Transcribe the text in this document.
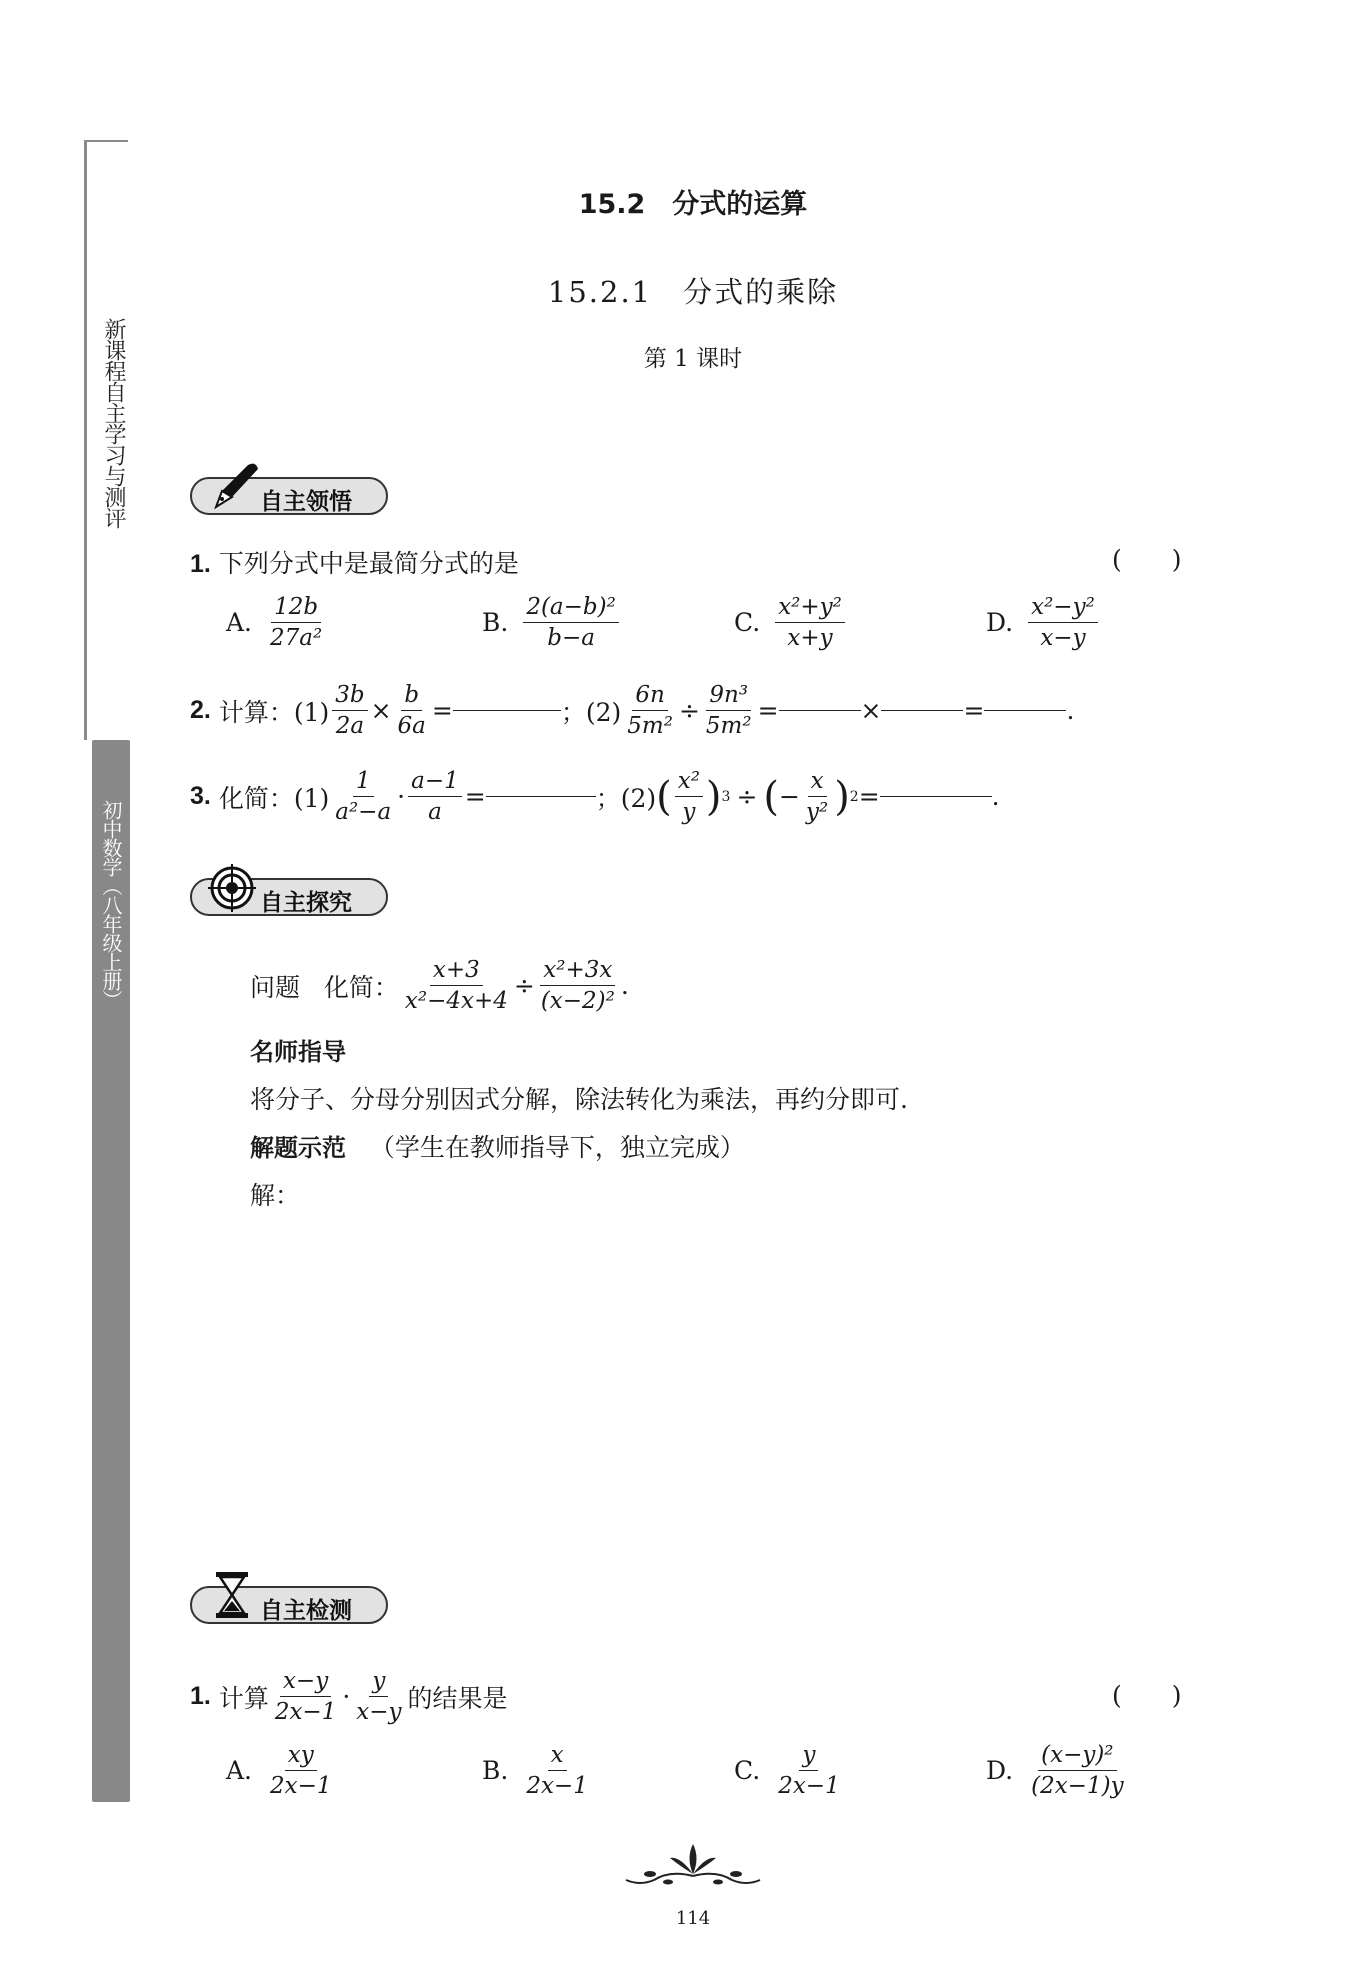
新课程自主学习与测评
初中数学（八年级上册）
15.2　分式的运算
15.2.1　分式的乘除
第 1 课时
自主领悟
1. 下列分式中是最简分式的是	(　　)
A. $\frac{12b}{\text{27a²}}$	B. $\frac{\text{2(a−b)²}}{b-a}$	C. $\frac{\text{x²+y²}}{x+y}$	D. $\frac{\text{x²−y²}}{x-y}$
2.
计算：$(1) \frac{3b}{2a} \times \frac{b}{6a}$ =	；$(2) \frac{6n}{\text{5m²}} \div \frac{\text{9n³}}{\text{5m²}}$ =	×	=	.
3.
化简：$(1) \frac{1}{\text{a²−a}} \cdot \frac{a-1}{a}$ =	；(2) ( $\frac{\text{x²}}{y}$ ) 3 ÷ ( − $\frac{x}{\text{y²}}$ ) 2 =	.
自主探究
问题
化简： $\frac{x+3}{\text{x²−4x+4}} \div \frac{\text{x²+3x}}{\text{(x−2)²}}$ .
名师指导
将分子、分母分别因式分解，除法转化为乘法，再约分即可.
解题示范 （学生在教师指导下，独立完成）
解：
自主检测
1.
计算 $\frac{x-y}{2x-1} \cdot \frac{y}{x-y}$ 的结果是	(　　)
A. $\frac{xy}{2x-1}$	B. $\frac{x}{2x-1}$	C. $\frac{y}{2x-1}$	D. $\frac{\text{(x−y)²}}{(2x-1)y}$
114
